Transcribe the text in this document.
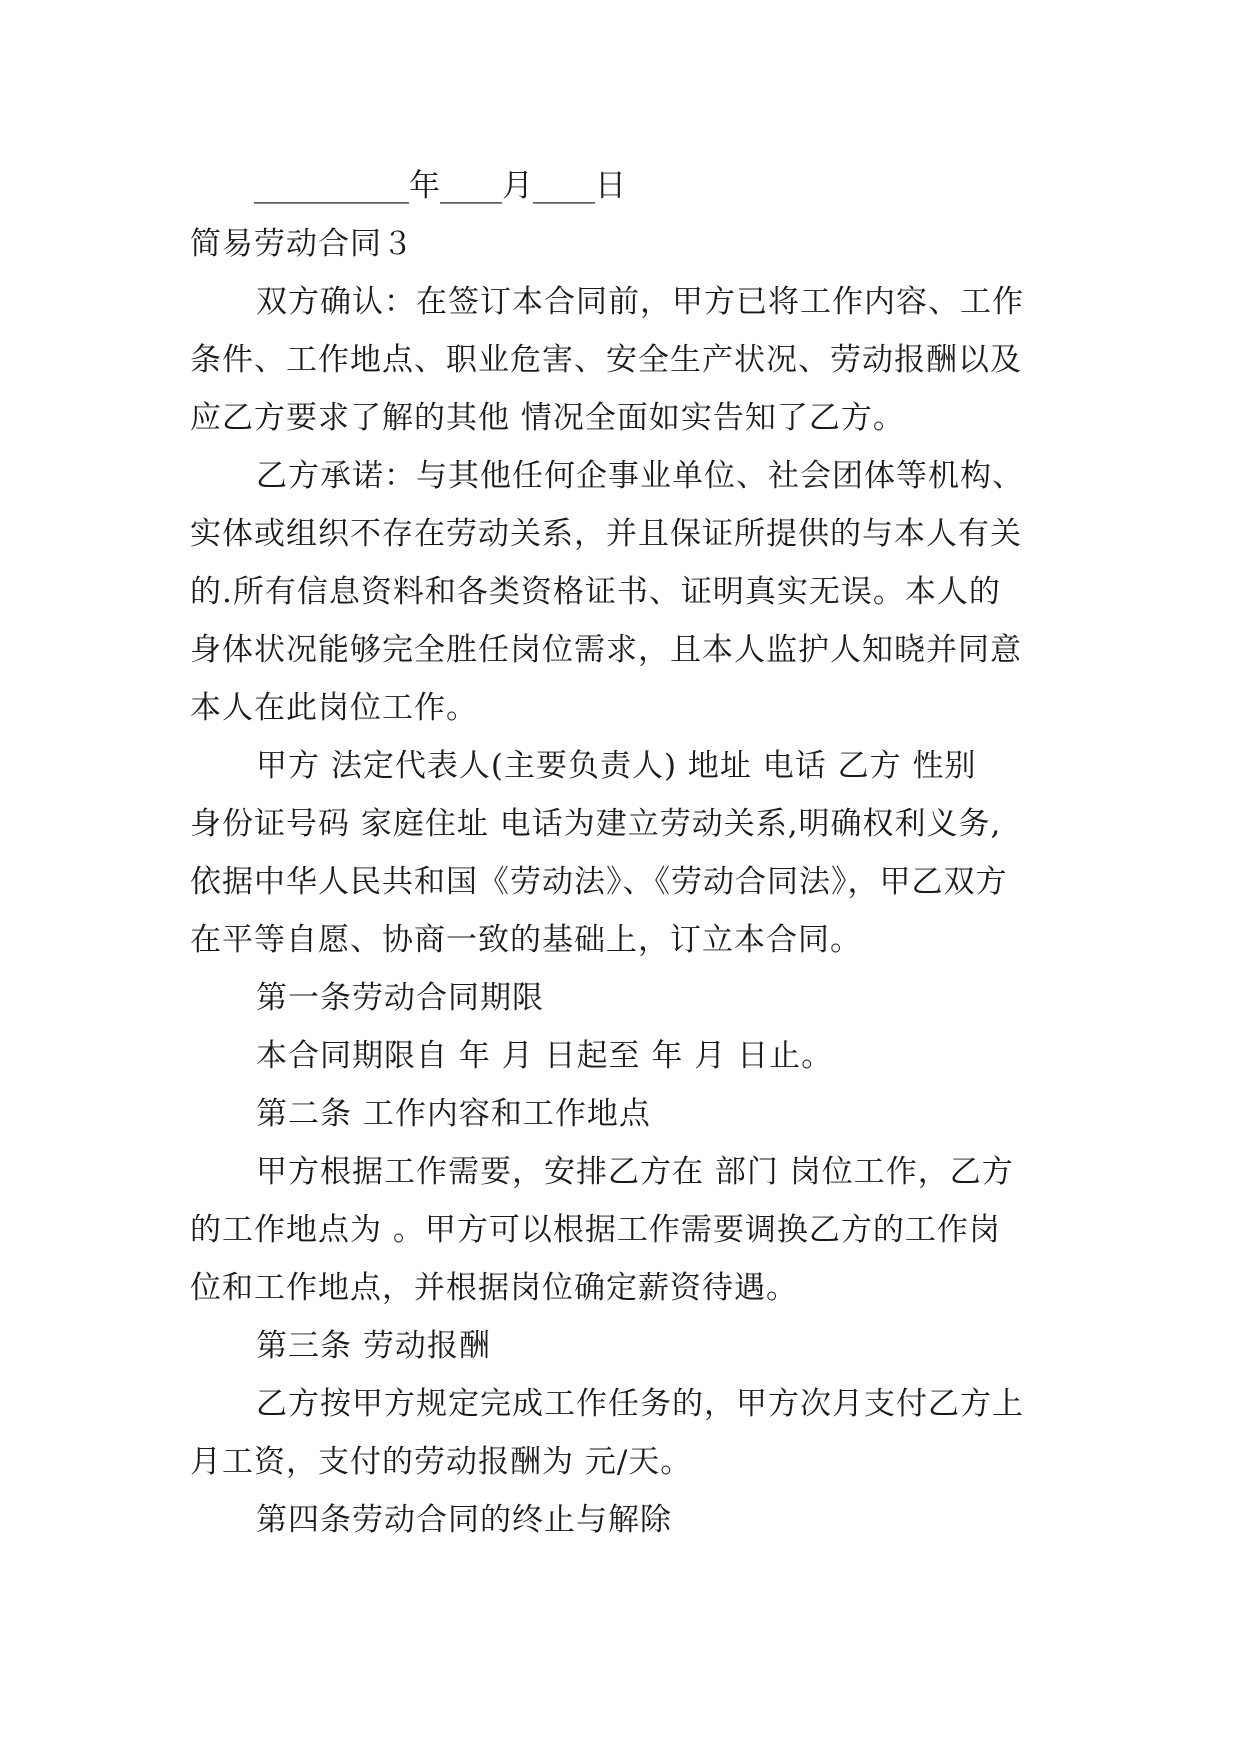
__________年____月____日
简易劳动合同３
双方确认：在签订本合同前，甲方已将工作内容、工作
条件、工作地点、职业危害、安全生产状况、劳动报酬以及
应乙方要求了解的其他 情况全面如实告知了乙方。
乙方承诺：与其他任何企事业单位、社会团体等机构、
实体或组织不存在劳动关系，并且保证所提供的与本人有关
的.所有信息资料和各类资格证书、证明真实无误。本人的
身体状况能够完全胜任岗位需求，且本人监护人知晓并同意
本人在此岗位工作。
甲方 法定代表人(主要负责人) 地址 电话 乙方 性别
身份证号码 家庭住址 电话为建立劳动关系,明确权利义务,
依据中华人民共和国《劳动法》、《劳动合同法》，甲乙双方
在平等自愿、协商一致的基础上，订立本合同。
第一条劳动合同期限
本合同期限自 年 月 日起至 年 月 日止。
第二条 工作内容和工作地点
甲方根据工作需要，安排乙方在 部门 岗位工作，乙方
的工作地点为 。甲方可以根据工作需要调换乙方的工作岗
位和工作地点，并根据岗位确定薪资待遇。
第三条 劳动报酬
乙方按甲方规定完成工作任务的，甲方次月支付乙方上
月工资，支付的劳动报酬为 元/天。
第四条劳动合同的终止与解除
